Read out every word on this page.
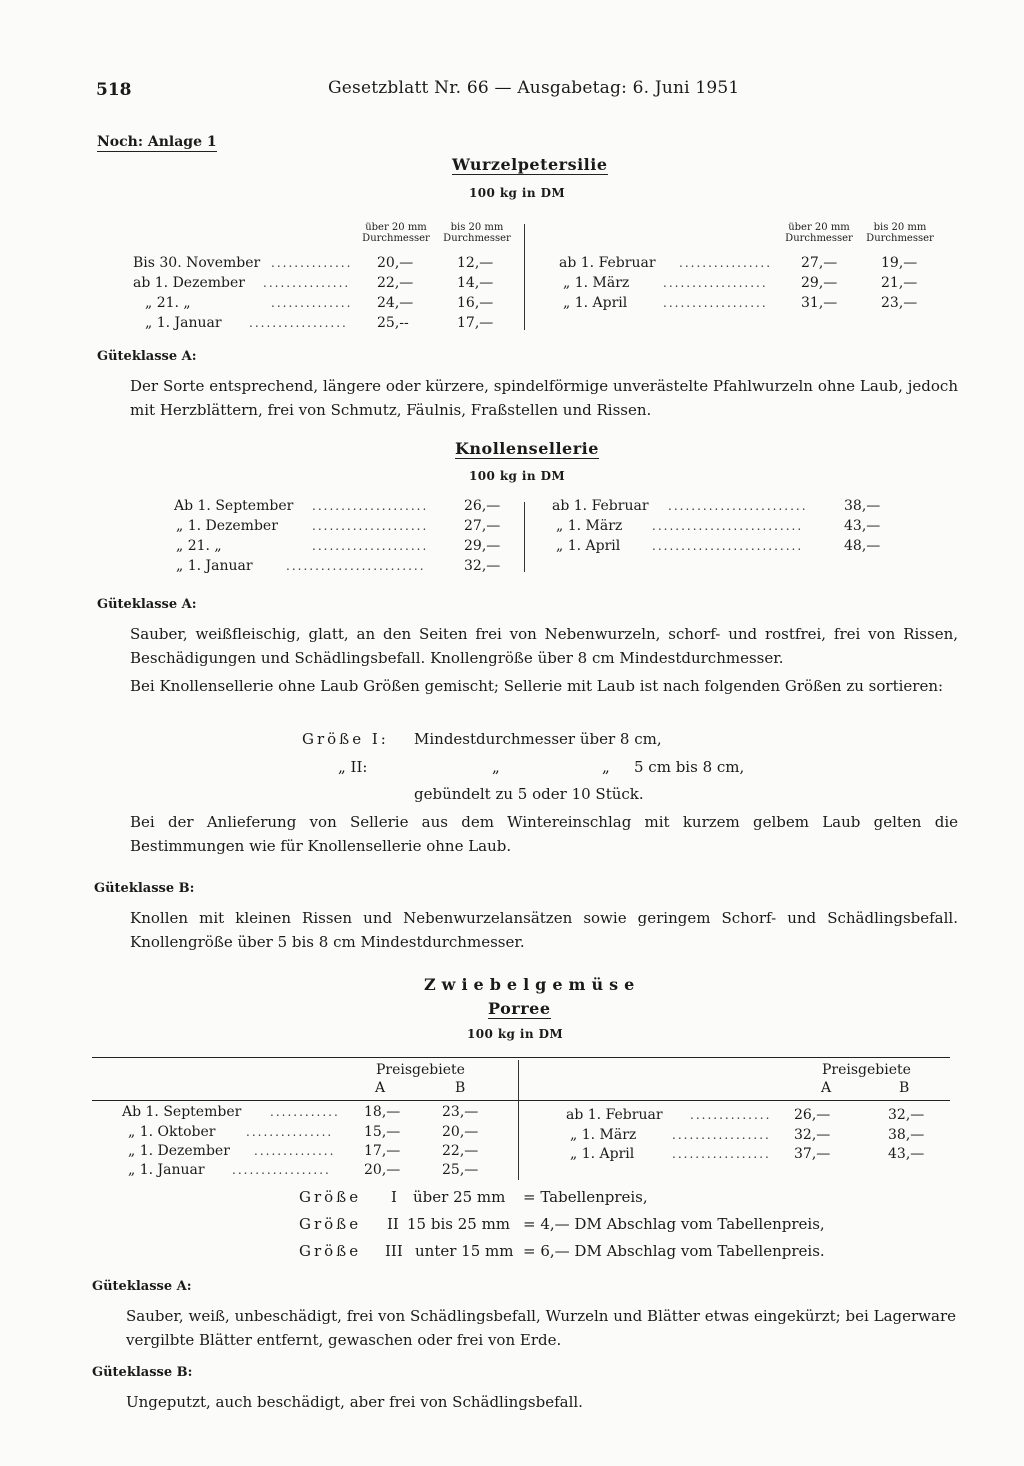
518	Gesetzblatt Nr. 66 — Ausgabetag: 6. Juni 1951
Noch: Anlage 1
Wurzelpetersilie
100 kg in DM
über 20 mm Durchmesser
bis 20 mm Durchmesser
über 20 mm Durchmesser
bis 20 mm Durchmesser
Bis 30. November ..............	20,—	12,—
ab 1. Dezember ...............	22,—	14,—
„ 21. „	..............	24,—	16,—
„ 1. Januar .................	25,--	17,—
ab 1. Februar ................	27,—	19,—
„ 1. März	..................	29,—	21,—
„ 1. April	..................	31,—	23,—
Güteklasse A:
Der Sorte entsprechend, längere oder kürzere, spindelförmige unverästelte Pfahlwurzeln ohne Laub, jedoch mit Herzblättern, frei von Schmutz, Fäulnis, Fraßstellen und Rissen.
Knollensellerie
100 kg in DM
Ab 1. September ....................	26,—
„ 1. Dezember	....................	27,—
„ 21. „	....................	29,—
„ 1. Januar	........................	32,—
ab 1. Februar ........................	38,—
„ 1. März ..........................	43,—
„ 1. April	..........................	48,—
Güteklasse A:
Sauber, weißfleischig, glatt, an den Seiten frei von Nebenwurzeln, schorf- und rostfrei, frei von Rissen, Beschädigungen und Schädlingsbefall. Knollengröße über 8 cm Mindestdurchmesser.
Bei Knollensellerie ohne Laub Größen gemischt; Sellerie mit Laub ist nach folgenden Größen zu sortieren:
Größe I: Mindestdurchmesser über 8 cm,
„ II:	„	„ 5 cm bis 8 cm,
gebündelt zu 5 oder 10 Stück.
Bei der Anlieferung von Sellerie aus dem Wintereinschlag mit kurzem gelbem Laub gelten die Bestimmungen wie für Knollensellerie ohne Laub.
Güteklasse B:
Knollen mit kleinen Rissen und Nebenwurzelansätzen sowie geringem Schorf- und Schädlingsbefall. Knollengröße über 5 bis 8 cm Mindestdurchmesser.
Zwiebelgemüse
Porree
100 kg in DM
Preisgebiete
A	B
Preisgebiete
A	B
Ab 1. September ............	18,—	23,—
„ 1. Oktober	...............	15,—	20,—
„ 1. Dezember ..............	17,—	22,—
„ 1. Januar .................	20,—	25,—
ab 1. Februar ..............	26,—	32,—
„ 1. März	.................	32,—	38,—
„ 1. April	.................	37,—	43,—
Größe I über 25 mm = Tabellenpreis,
Größe II 15 bis 25 mm = 4,— DM Abschlag vom Tabellenpreis,
Größe III unter 15 mm = 6,— DM Abschlag vom Tabellenpreis.
Güteklasse A:
Sauber, weiß, unbeschädigt, frei von Schädlingsbefall, Wurzeln und Blätter etwas eingekürzt; bei Lagerware vergilbte Blätter entfernt, gewaschen oder frei von Erde.
Güteklasse B:
Ungeputzt, auch beschädigt, aber frei von Schädlingsbefall.
